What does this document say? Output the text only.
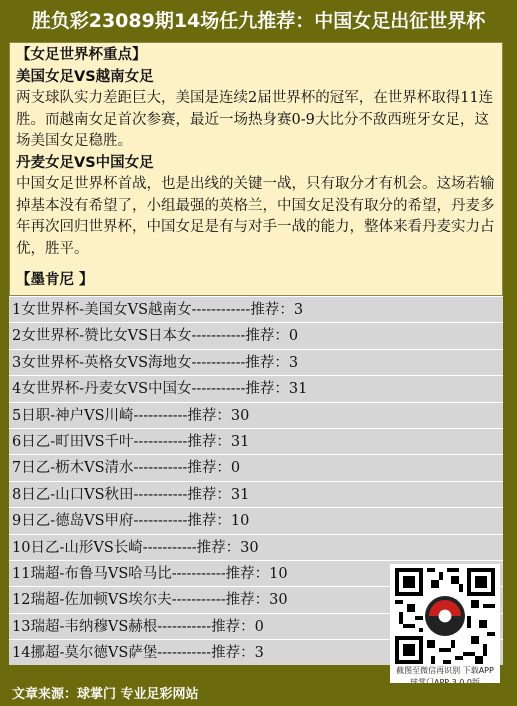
胜负彩23089期14场任九推荐：中国女足出征世界杯

【女足世界杯重点】

美国女足VS越南女足

两支球队实力差距巨大，美国是连续2届世界杯的冠军，在世界杯取得11连胜。而越南女足首次参赛，最近一场热身赛0-9大比分不敌西班牙女足，这场美国女足稳胜。

丹麦女足VS中国女足

中国女足世界杯首战，也是出线的关键一战，只有取分才有机会。这场若输掉基本没有希望了，小组最强的英格兰，中国女足没有取分的希望，丹麦多年再次回归世界杯，中国女足是有与对手一战的能力，整体来看丹麦实力占优，胜平。

【墨肯尼 】

1女世界杯-美国女VS越南女------------推荐：3
2女世界杯-赞比女VS日本女-----------推荐：0
3女世界杯-英格女VS海地女-----------推荐：3
4女世界杯-丹麦女VS中国女-----------推荐：31
5日职-神户VS川崎-----------推荐：30
6日乙-町田VS千叶-----------推荐：31
7日乙-枥木VS清水-----------推荐：0
8日乙-山口VS秋田-----------推荐：31
9日乙-德岛VS甲府-----------推荐：10
10日乙-山形VS长崎-----------推荐：30
11瑞超-布鲁马VS哈马比-----------推荐：10
12瑞超-佐加顿VS埃尔夫-----------推荐：30
13瑞超-韦纳穆VS赫根-----------推荐：0
14挪超-莫尔德VS萨堡-----------推荐：3
截图至微信再识别 下载APP
文章来源：球掌门 专业足彩网站
